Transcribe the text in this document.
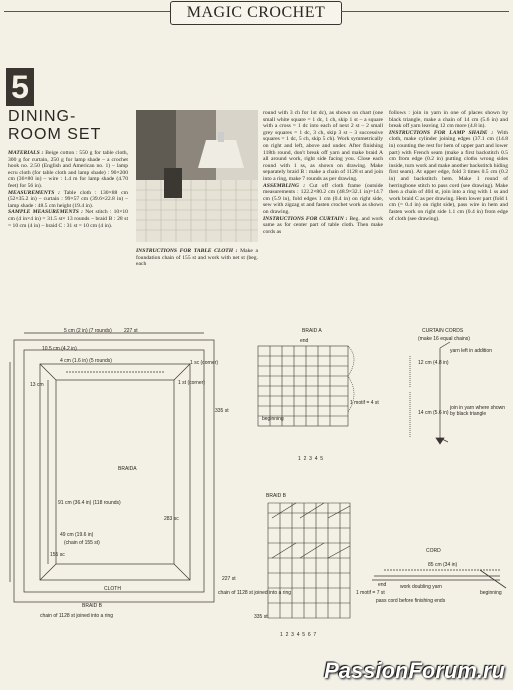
MAGIC CROCHET
5
DINING-
ROOM SET
MATERIALS : Beige cotton : 550 g for table cloth, 300 g for curtain, 250 g for lamp shade – a crochet hook no. 2.50 (English and American no. 1) – lamp ecru cloth (for table cloth and lamp shade) : 90×200 cm (36×80 in) – wire : 1.4 m for lamp shade (4.70 feet) for 56 in).
MEASUREMENTS : Table cloth : 130×88 cm (52×35.2 in) – curtain : 99×57 cm (39.6×22.8 in) – lamp shade : 48.5 cm height (19.4 in).
SAMPLE MEASUREMENTS : Net stitch : 10×10 cm (4 in×4 in) = 31.5 st× 13 rounds – braid B : 28 st = 10 cm (4 in) – braid C : 31 st = 10 cm (4 in).
INSTRUCTIONS FOR TABLE CLOTH : Make a foundation chain of 155 st and work with net st (beg. each
round with 3 ch for 1st dc), as shown on chart (one small white square = 1 dc, 1 ch, skip 1 st – a square with a cross = 1 dc into each of next 2 st – 2 small grey squares = 1 dc, 3 ch, skip 3 st – 3 successive squares = 1 dc, 5 ch, skip 5 ch). Work symmetrically on right and left, above and under. After finishing 118th round, don't break off yarn and make braid A all around work, right side facing you. Close each round with 1 ss, as shown on drawing. Make separately braid B : make a chain of 1128 st and join into a ring, make 7 rounds as per drawing.
ASSEMBLING : Cut off cloth frame (outside measurements : 122.2×80.2 cm (48.9×32.1 in)=14.7 cm (5.9 in), fold edges 1 cm (0.4 in) on right side, sew with zigzag st and fasten crochet work as shown on drawing.
INSTRUCTIONS FOR CURTAIN : Beg. and work same as for center part of table cloth. Then make cords as
follows : join in yarn in one of places shown by black triangle, make a chain of 14 cm (5.6 in) and break off yarn leaving 12 cm more (4.8 in).
INSTRUCTIONS FOR LAMP SHADE : With cloth, make cylinder joining edges (37.1 cm (14.8 in) counting the rest for hem of upper part and lower part) with French seam (make a first backstitch 0.5 cm from edge (0.2 in) putting cloths wrong sides inside, turn work and make another backstitch hiding first seam). At upper edge, fold 3 times 0.5 cm (0.2 in) and backstitch hem. Make 1 round of herringbone stitch to pass cord (see drawing). Make then a chain of 404 st, join into a ring with 1 ss and work braid C as per drawing. Hem lower part (fold 1 cm (= 0.4 in) on right side), pass wire in hem and fasten work on right side 1.1 cm (0.4 in) from edge of cloth (see drawing).
5 cm (2 in) (7 rounds) 227 st
10.5 cm (4.2 in)
4 cm (1.6 in) (5 rounds)	1 sc (corner)
1 st (corner)
335 st
BRAIDA
283 sc
49 cm (19.6 in)
(chain of 155 st)
155 sc
CLOTH
BRAID B
chain of 1128 st joined into a ring
91 cm (36.4 in) (118 rounds)
13 cm
BRAID A
end
beginning
1 motif = 4 st
1 2 3 4 5
BRAID B
227 st
chain of 1128 st joined into a ring	1 motif = 7 st
335 st
1 2 3 4 5 6 7
CURTAIN CORDS
(make 16 equal chains)
yarn left in addition
12 cm (4.8 in)
14 cm (5.6 in)
join in yarn where shown by black triangle
CORD
85 cm (34 in)
end	work doubling yarn
beginning
pass cord before finishing ends
PassionForum.ru
